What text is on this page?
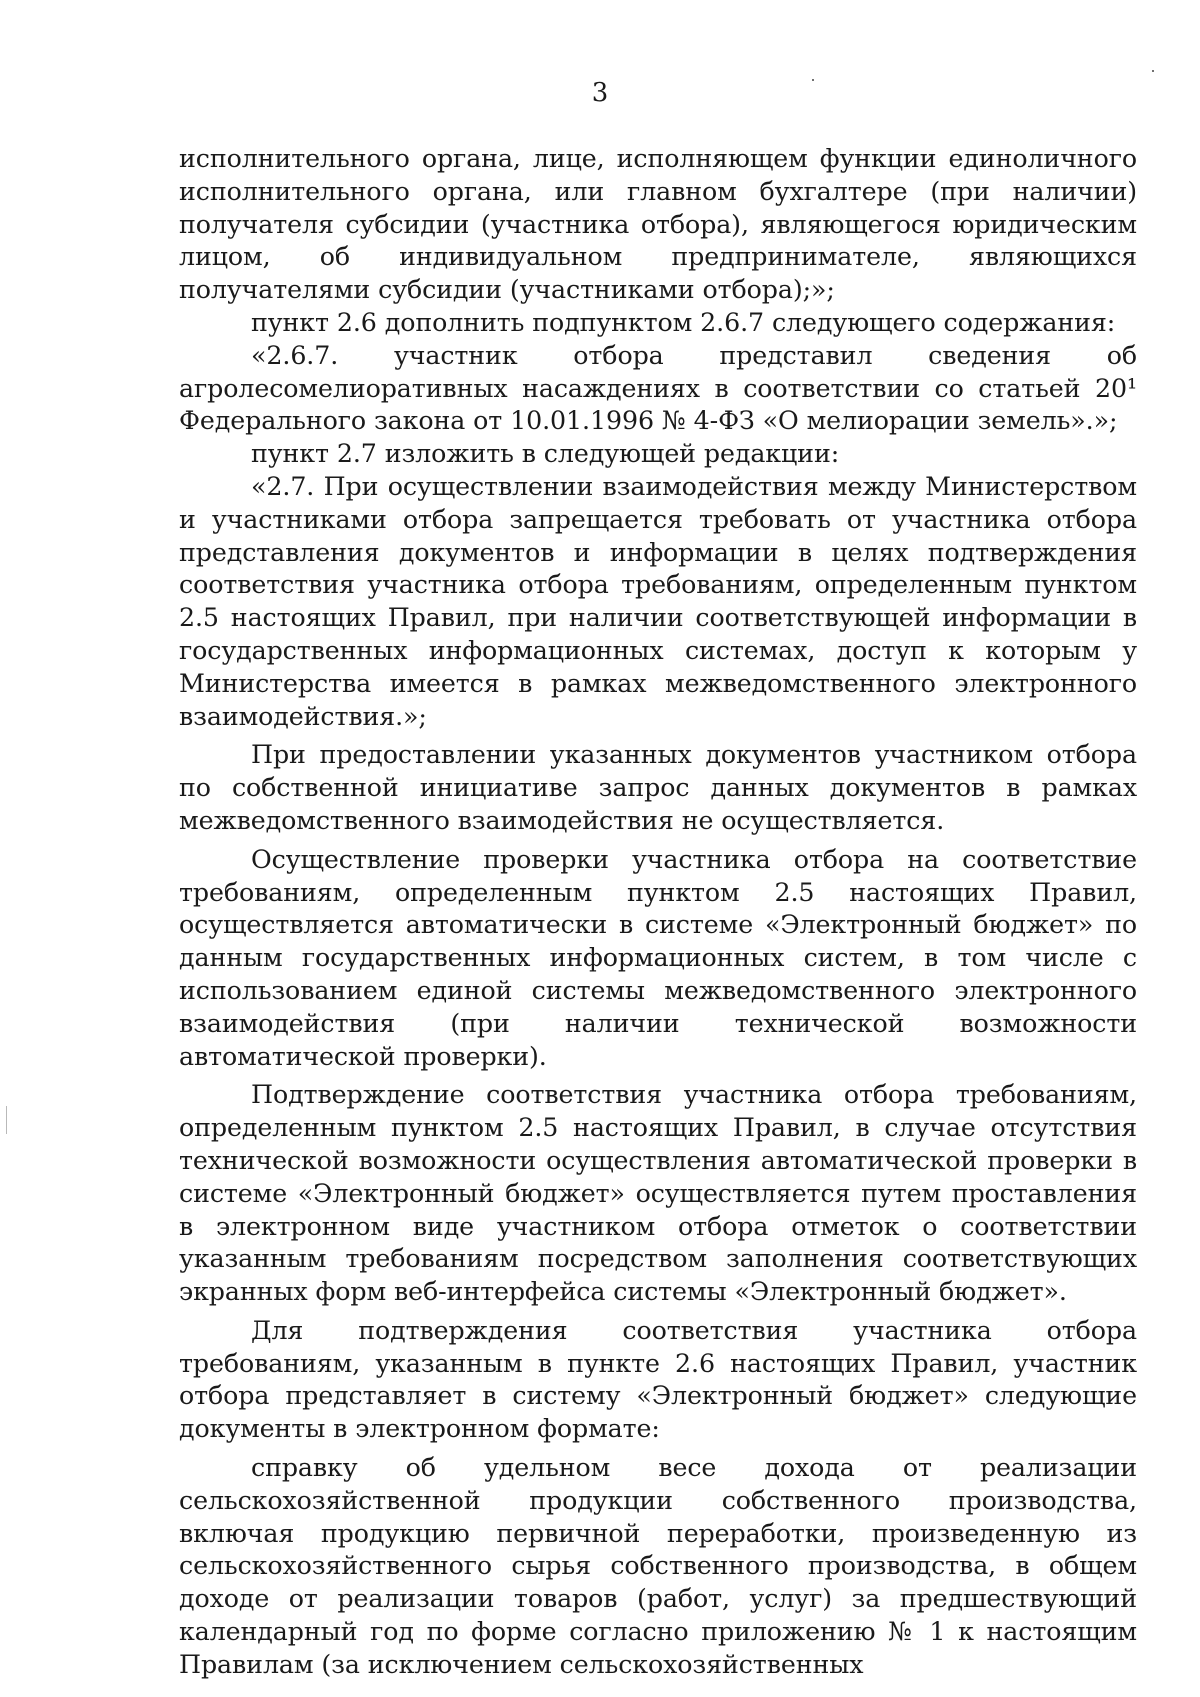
3

исполнительного органа, лице, исполняющем функции единоличного исполнительного органа, или главном бухгалтере (при наличии) получателя субсидии (участника отбора), являющегося юридическим лицом, об индивидуальном предпринимателе, являющихся получателями субсидии (участниками отбора);»;

пункт 2.6 дополнить подпунктом 2.6.7 следующего содержания:

«2.6.7. участник отбора представил сведения об агролесомелиоративных насаждениях в соответствии со статьей 20¹ Федерального закона от 10.01.1996 № 4-ФЗ «О мелиорации земель».»;

пункт 2.7 изложить в следующей редакции:

«2.7. При осуществлении взаимодействия между Министерством и участниками отбора запрещается требовать от участника отбора представления документов и информации в целях подтверждения соответствия участника отбора требованиям, определенным пунктом 2.5 настоящих Правил, при наличии соответствующей информации в государственных информационных системах, доступ к которым у Министерства имеется в рамках межведомственного электронного взаимодействия.»;

При предоставлении указанных документов участником отбора по собственной инициативе запрос данных документов в рамках межведомственного взаимодействия не осуществляется.

Осуществление проверки участника отбора на соответствие требованиям, определенным пунктом 2.5 настоящих Правил, осуществляется автоматически в системе «Электронный бюджет» по данным государственных информационных систем, в том числе с использованием единой системы межведомственного электронного взаимодействия (при наличии технической возможности автоматической проверки).

Подтверждение соответствия участника отбора требованиям, определенным пунктом 2.5 настоящих Правил, в случае отсутствия технической возможности осуществления автоматической проверки в системе «Электронный бюджет» осуществляется путем проставления в электронном виде участником отбора отметок о соответствии указанным требованиям посредством заполнения соответствующих экранных форм веб-интерфейса системы «Электронный бюджет».

Для подтверждения соответствия участника отбора требованиям, указанным в пункте 2.6 настоящих Правил, участник отбора представляет в систему «Электронный бюджет» следующие документы в электронном формате:

справку об удельном весе дохода от реализации сельскохозяйственной продукции собственного производства, включая продукцию первичной переработки, произведенную из сельскохозяйственного сырья собственного производства, в общем доходе от реализации товаров (работ, услуг) за предшествующий календарный год по форме согласно приложению № 1 к настоящим Правилам (за исключением сельскохозяйственных
